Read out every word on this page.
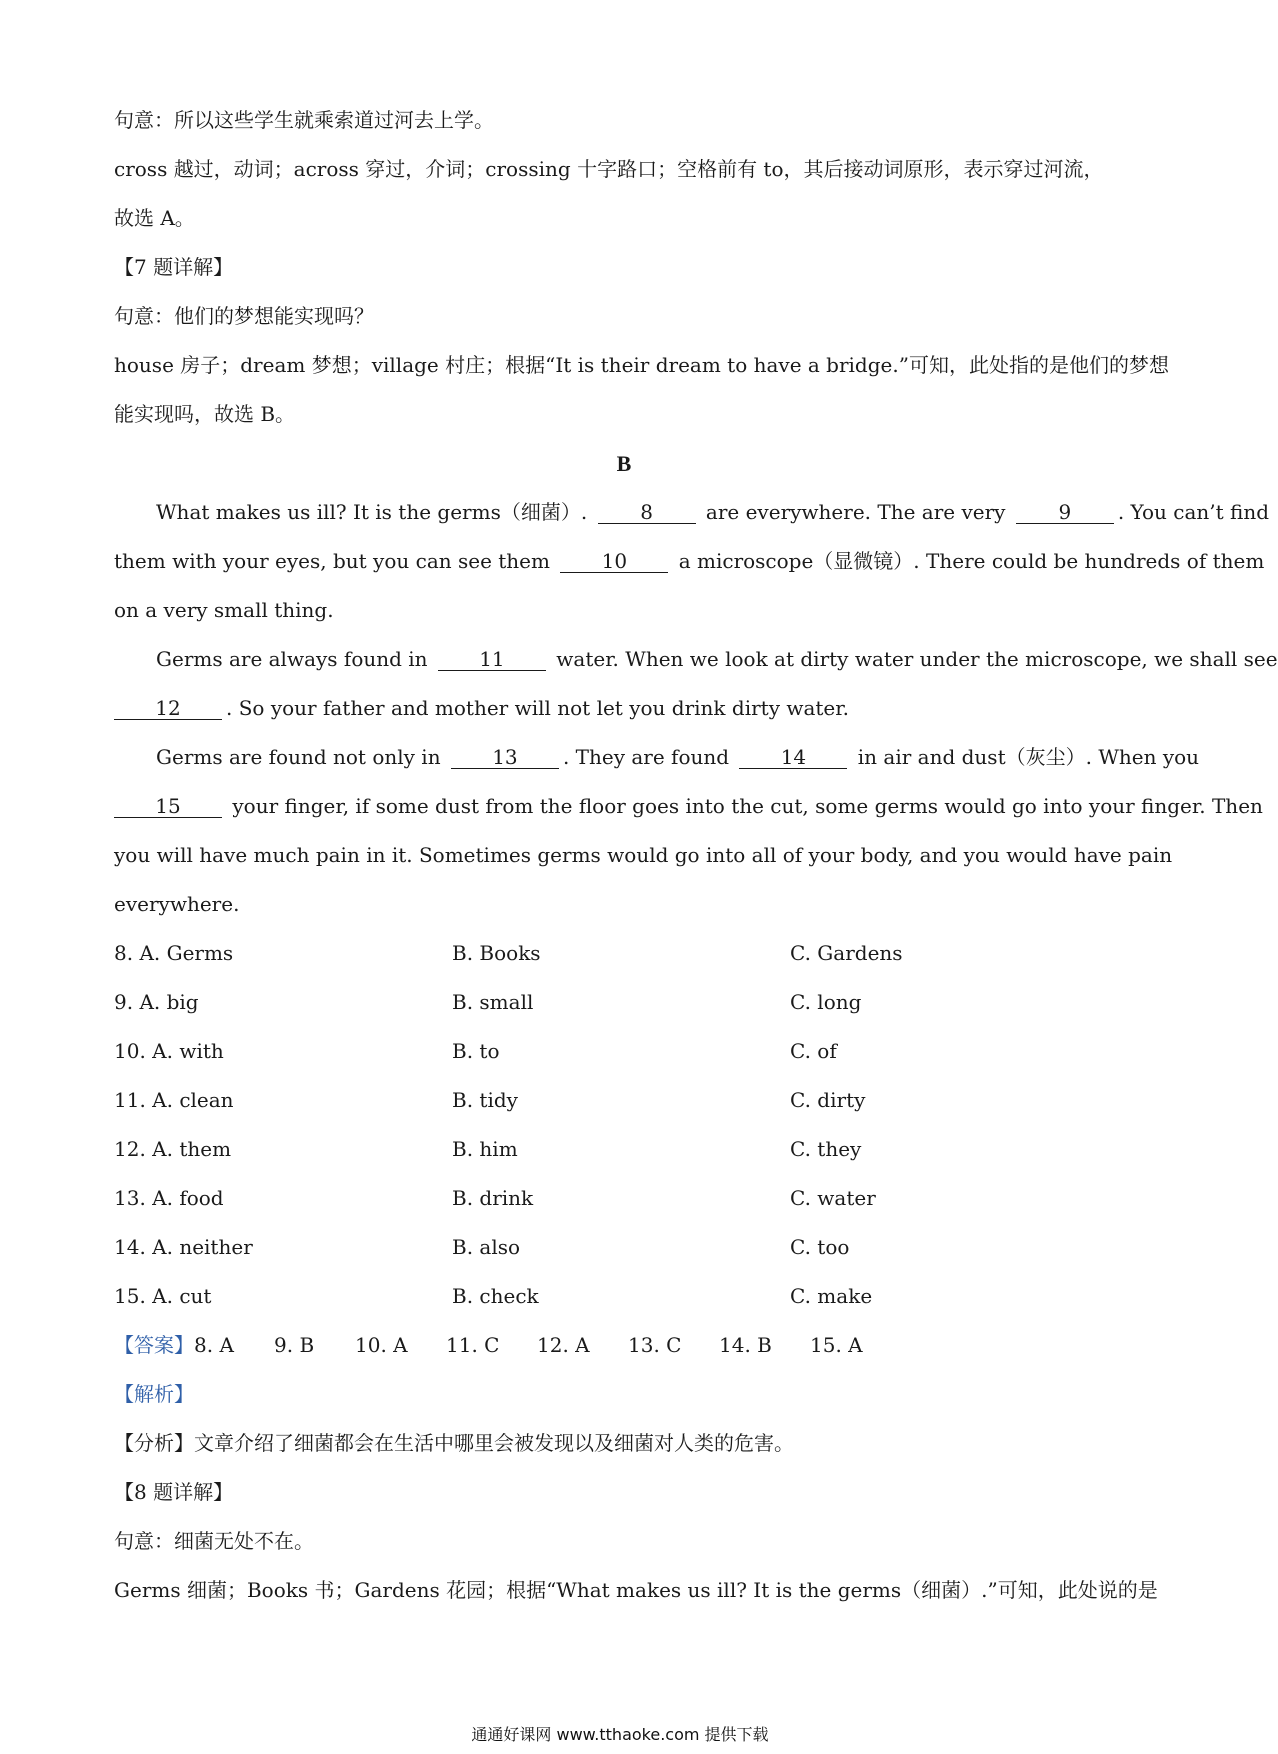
句意：所以这些学生就乘索道过河去上学。
cross 越过，动词；across 穿过，介词；crossing 十字路口；空格前有 to，其后接动词原形，表示穿过河流，
故选 A。
【7 题详解】
句意：他们的梦想能实现吗？
house 房子；dream 梦想；village 村庄；根据“It is their dream to have a bridge.”可知，此处指的是他们的梦想
能实现吗，故选 B。
B
What makes us ill? It is the germs（细菌）.	8	are everywhere. The are very	9 . You can’t find
them with your eyes, but you can see them	10	a microscope（显微镜）. There could be hundreds of them
on a very small thing.
Germs are always found in	11	water. When we look at dirty water under the microscope, we shall see
12 . So your father and mother will not let you drink dirty water.
Germs are found not only in	13 . They are found	14	in air and dust（灰尘）. When you
15	your finger, if some dust from the floor goes into the cut, some germs would go into your finger. Then
you will have much pain in it. Sometimes germs would go into all of your body, and you would have pain
everywhere.
8. A. Germs	B. Books	C. Gardens
9. A. big	B. small	C. long
10. A. with	B. to	C. of
11. A. clean	B. tidy	C. dirty
12. A. them	B. him	C. they
13. A. food	B. drink	C. water
14. A. neither	B. also	C. too
15. A. cut	B. check	C. make
【答案】 8. A	9. B	10. A	11. C	12. A	13. C	14. B	15. A
【解析】
【分析】文章介绍了细菌都会在生活中哪里会被发现以及细菌对人类的危害。
【8 题详解】
句意：细菌无处不在。
Germs 细菌；Books 书；Gardens 花园；根据“What makes us ill? It is the germs（细菌）.”可知，此处说的是
通通好课网 www.tthaoke.com 提供下载
